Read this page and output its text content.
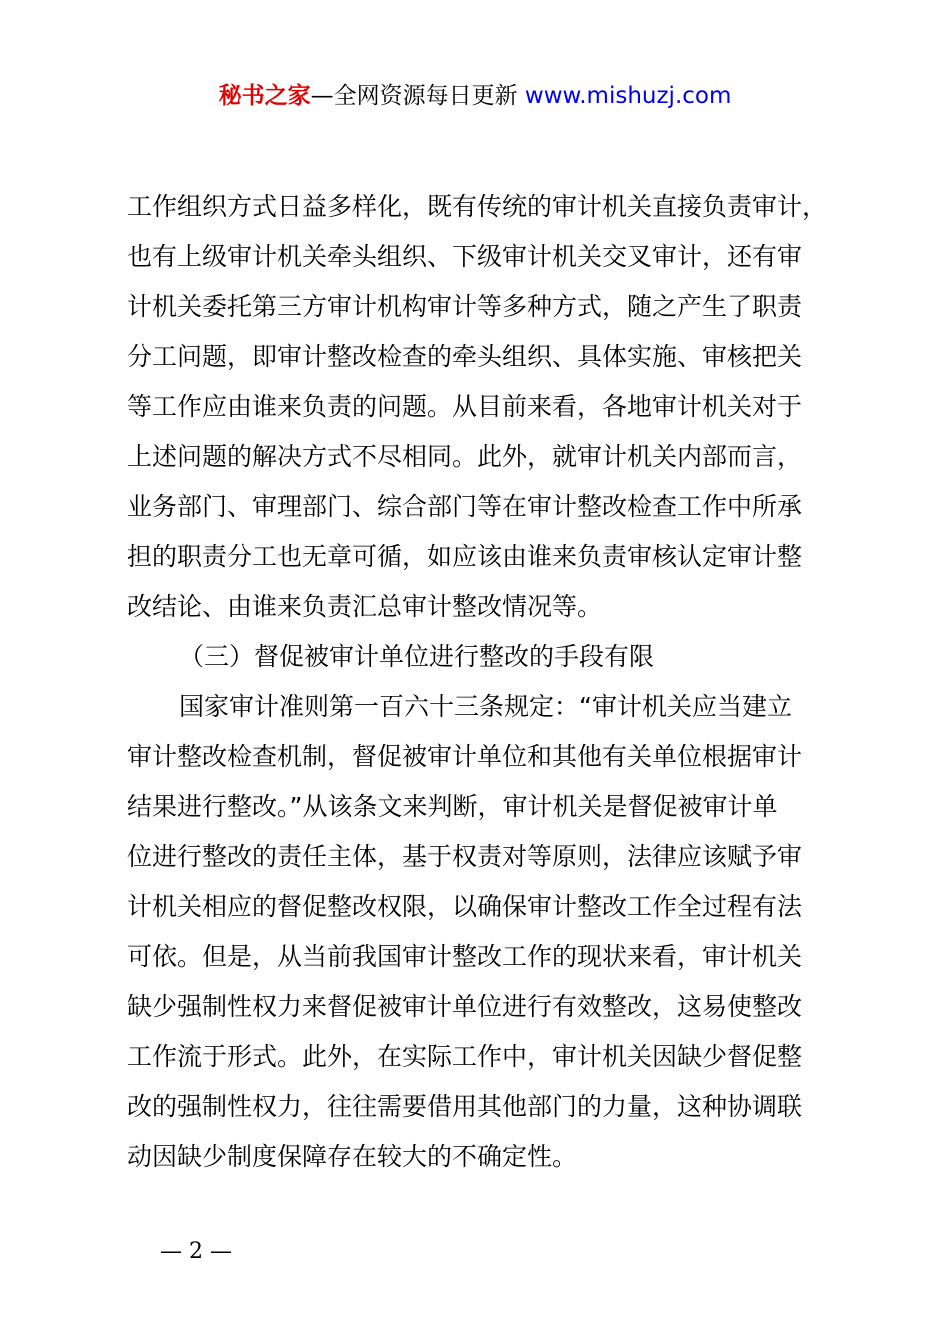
秘书之家—全网资源每日更新 www.mishuzj.com
工作组织方式日益多样化，既有传统的审计机关直接负责审计，
也有上级审计机关牵头组织、下级审计机关交叉审计，还有审
计机关委托第三方审计机构审计等多种方式，随之产生了职责
分工问题，即审计整改检查的牵头组织、具体实施、审核把关
等工作应由谁来负责的问题。从目前来看，各地审计机关对于
上述问题的解决方式不尽相同。此外，就审计机关内部而言，
业务部门、审理部门、综合部门等在审计整改检查工作中所承
担的职责分工也无章可循，如应该由谁来负责审核认定审计整
改结论、由谁来负责汇总审计整改情况等。
（三）督促被审计单位进行整改的手段有限
国家审计准则第一百六十三条规定：“审计机关应当建立
审计整改检查机制，督促被审计单位和其他有关单位根据审计
结果进行整改。”从该条文来判断，审计机关是督促被审计单
位进行整改的责任主体，基于权责对等原则，法律应该赋予审
计机关相应的督促整改权限，以确保审计整改工作全过程有法
可依。但是，从当前我国审计整改工作的现状来看，审计机关
缺少强制性权力来督促被审计单位进行有效整改，这易使整改
工作流于形式。此外，在实际工作中，审计机关因缺少督促整
改的强制性权力，往往需要借用其他部门的力量，这种协调联
动因缺少制度保障存在较大的不确定性。
— 2 —
